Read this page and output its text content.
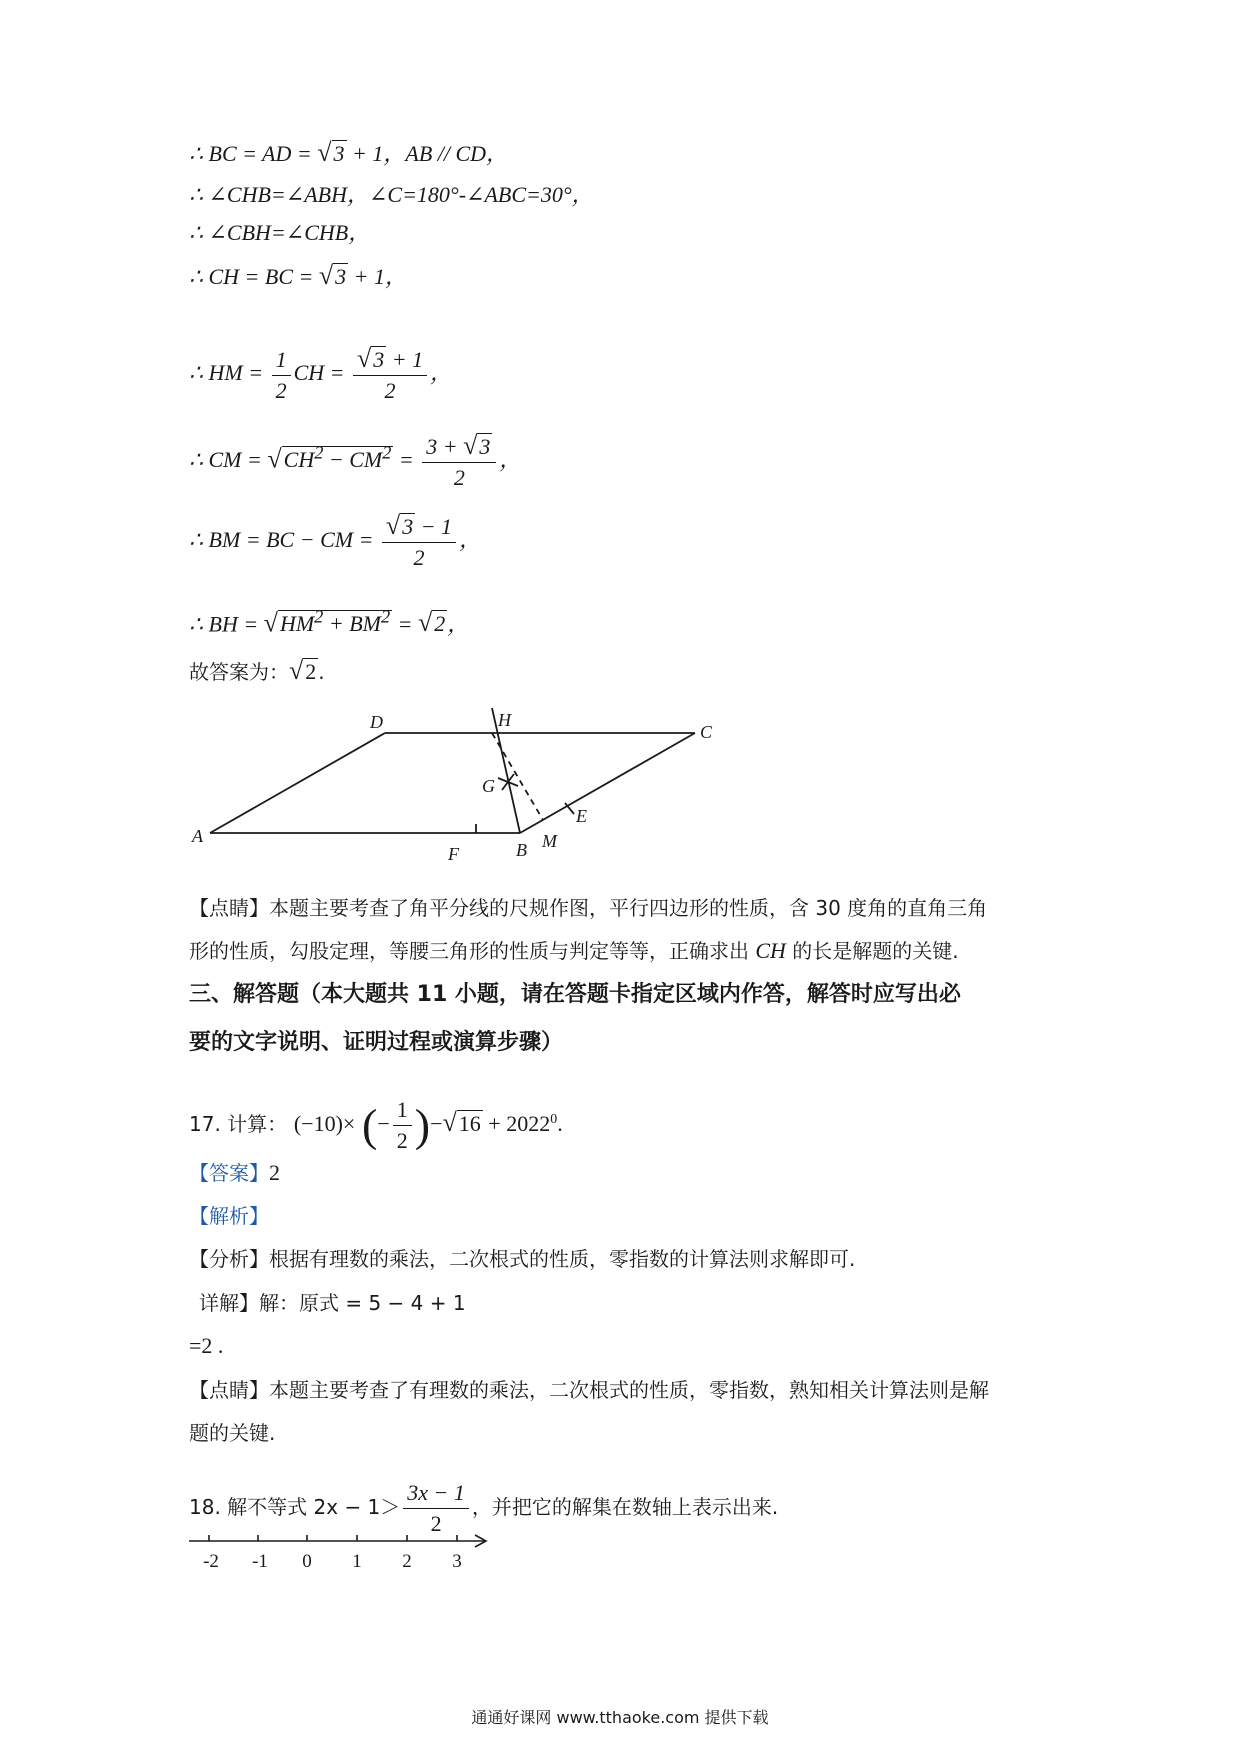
∴ BC = AD = √3 + 1，AB // CD，
∴ ∠CHB=∠ABH，∠C=180°-∠ABC=30°，
∴ ∠CBH=∠CHB，
∴ CH = BC = √3 + 1，
∴ HM = $\frac{1}{2}$ CH = $\frac{√3 + 1}{2}$ ，
∴ CM = $√CH^2 - CM^2 = \frac{3 + √3}{2}$ ，
∴ BM = BC − CM = $\frac{√3 - 1}{2}$ ，
∴ BH = $√HM^2 + BM^2 = √2$，
故答案为：√2 .
A
B
C
D
E
F
G
H
M
【点睛】本题主要考查了角平分线的尺规作图，平行四边形的性质，含 30 度角的直角三角
形的性质，勾股定理，等腰三角形的性质与判定等等，正确求出 CH 的长是解题的关键.
三、解答题（本大题共 11 小题，请在答题卡指定区域内作答，解答时应写出必
要的文字说明、证明过程或演算步骤）
17. 计算： (−10)× (− $\frac{1}{2} )-√16 + 2022^0$.
【答案】2
【解析】
【分析】根据有理数的乘法，二次根式的性质，零指数的计算法则求解即可.
详解】解：原式 = 5 − 4 + 1
=2 .
【点睛】本题主要考查了有理数的乘法，二次根式的性质，零指数，熟知相关计算法则是解
题的关键.
18. 解不等式 $2x - 1> \frac{3x - 1}{2}$ ，并把它的解集在数轴上表示出来.
-2 -1 0 1 2 3
通通好课网 www.tthaoke.com 提供下载
